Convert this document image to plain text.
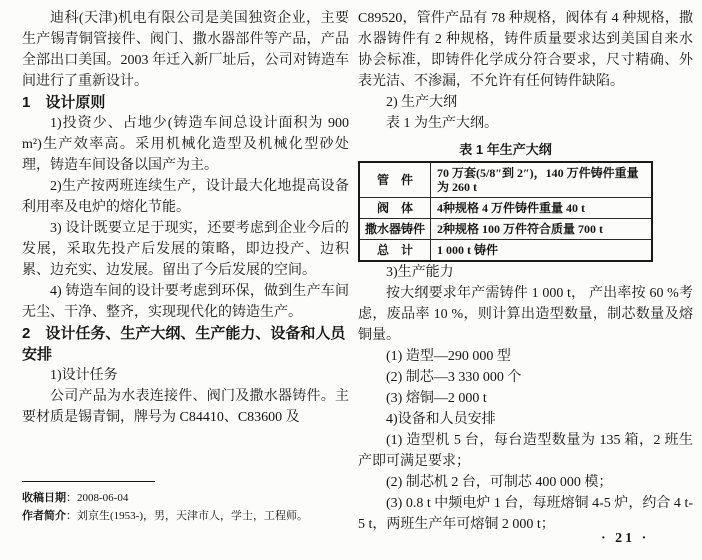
迪科(天津)机电有限公司是美国独资企业，主要生产锡青铜管接件、阀门、撒水器部件等产品，产品全部出口美国。2003 年迁入新厂址后，公司对铸造车间进行了重新设计。

1 设计原则

1)投资少、占地少(铸造车间总设计面积为 900 m²)生产效率高。采用机械化造型及机械化型砂处理，铸造车间设备以国产为主。

2)生产按两班连续生产，设计最大化地提高设备利用率及电炉的熔化节能。

3) 设计既要立足于现实，还要考虑到企业今后的发展，采取先投产后发展的策略，即边投产、边积累、边充实、边发展。留出了今后发展的空间。

4) 铸造车间的设计要考虑到环保，做到生产车间无尘、干净、整齐，实现现代化的铸造生产。

2 设计任务、生产大纲、生产能力、设备和人员安排

1)设计任务

公司产品为水表连接件、阀门及撒水器铸件。主要材质是锡青铜，牌号为 C84410、C83600 及

C89520，管件产品有 78 种规格，阀体有 4 种规格，撒水器铸件有 2 种规格，铸件质量要求达到美国自来水协会标准，即铸件化学成分符合要求，尺寸精确、外表光洁、不渗漏，不允许有任何铸件缺陷。

2) 生产大纲

表 1 为生产大纲。

表 1 年生产大纲
管　件	70 万套(5/8″到 2″)，140 万件铸件重量为 260 t
阀　体	4种规格 4 万件铸件重量 40 t
撒水器铸件	2种规格 100 万件符合质量 700 t
总　计	1 000 t 铸件

3)生产能力

按大纲要求年产需铸件 1 000 t， 产出率按 60 %考虑，废品率 10 %，则计算出造型数量，制芯数量及熔铜量。

(1) 造型—290 000 型

(2) 制芯—3 330 000 个

(3) 熔铜—2 000 t

4)设备和人员安排

(1) 造型机 5 台，每台造型数量为 135 箱，2 班生产即可满足要求；

(2) 制芯机 2 台，可制芯 400 000 模；

(3) 0.8 t 中频电炉 1 台，每班熔铜 4-5 炉，约合 4 t-5 t，两班生产年可熔铜 2 000 t；

收稿日期：2008-06-04
作者简介：刘京生(1953-)，男，天津市人，学士，工程师。
· 21 ·
